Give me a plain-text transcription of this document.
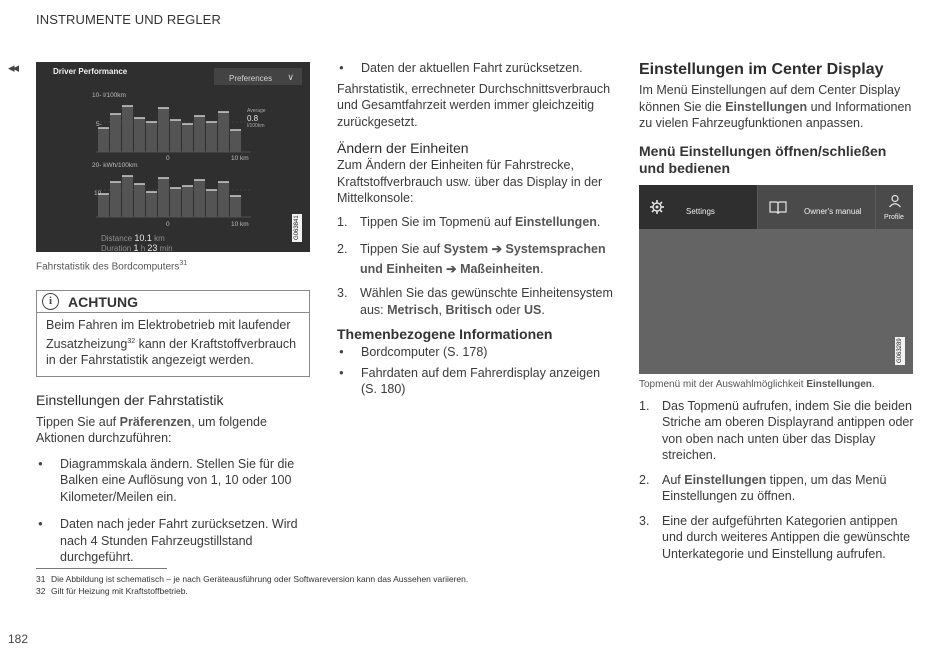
INSTRUMENTE UND REGLER
◂◂
10- l/100km
5-
0	10 km
Average
0.8
l/100km
20- kWh/100km
10
0	10 km
Driver Performance
Preferences ∨
Distance 10.1 km
Duration 1 h 23 min
G063841
Fahrstatistik des Bordcomputers$^{31}$
i	ACHTUNG
Beim Fahren im Elektrobetrieb mit laufender Zusatzheizung$^{32}$ kann der Kraftstoffverbrauch in der Fahrstatistik angezeigt werden.
Einstellungen der Fahrstatistik

Tippen Sie auf Präferenzen, um folgende Aktionen durchzuführen:

● Diagrammskala ändern. Stellen Sie für die Balken eine Auflösung von 1, 10 oder 100 Kilometer/Meilen ein.
● Daten nach jeder Fahrt zurücksetzen. Wird nach 4 Stunden Fahrzeugstillstand durchgeführt.
● Daten der aktuellen Fahrt zurücksetzen.

Fahrstatistik, errechneter Durchschnittsverbrauch und Gesamtfahrzeit werden immer gleichzeitig zurückgesetzt.

Ändern der Einheiten

Zum Ändern der Einheiten für Fahrstrecke, Kraftstoffverbrauch usw. über das Display in der Mittelkonsole:

1. Tippen Sie im Topmenü auf Einstellungen.
2. Tippen Sie auf System ➔ Systemsprachen und Einheiten ➔ Maßeinheiten.
3. Wählen Sie das gewünschte Einheitensystem aus: Metrisch, Britisch oder US.
Themenbezogene Informationen
● Bordcomputer (S. 178)
● Fahrdaten auf dem Fahrerdisplay anzeigen (S. 180)
Einstellungen im Center Display

Im Menü Einstellungen auf dem Center Display können Sie die Einstellungen und Informationen zu vielen Fahrzeugfunktionen anpassen.

Menü Einstellungen öffnen/schließen und bedienen
Settings	Owner's manual
Profile
G063289
Topmenü mit der Auswahlmöglichkeit Einstellungen.
1. Das Topmenü aufrufen, indem Sie die beiden Striche am oberen Displayrand antippen oder von oben nach unten über das Display streichen.
2. Auf Einstellungen tippen, um das Menü Einstellungen zu öffnen.
3. Eine der aufgeführten Kategorien antippen und durch weiteres Antippen die gewünschte Unterkategorie und Einstellung aufrufen.
31 Die Abbildung ist schematisch – je nach Geräteausführung oder Softwareversion kann das Aussehen variieren.
32 Gilt für Heizung mit Kraftstoffbetrieb.
182
